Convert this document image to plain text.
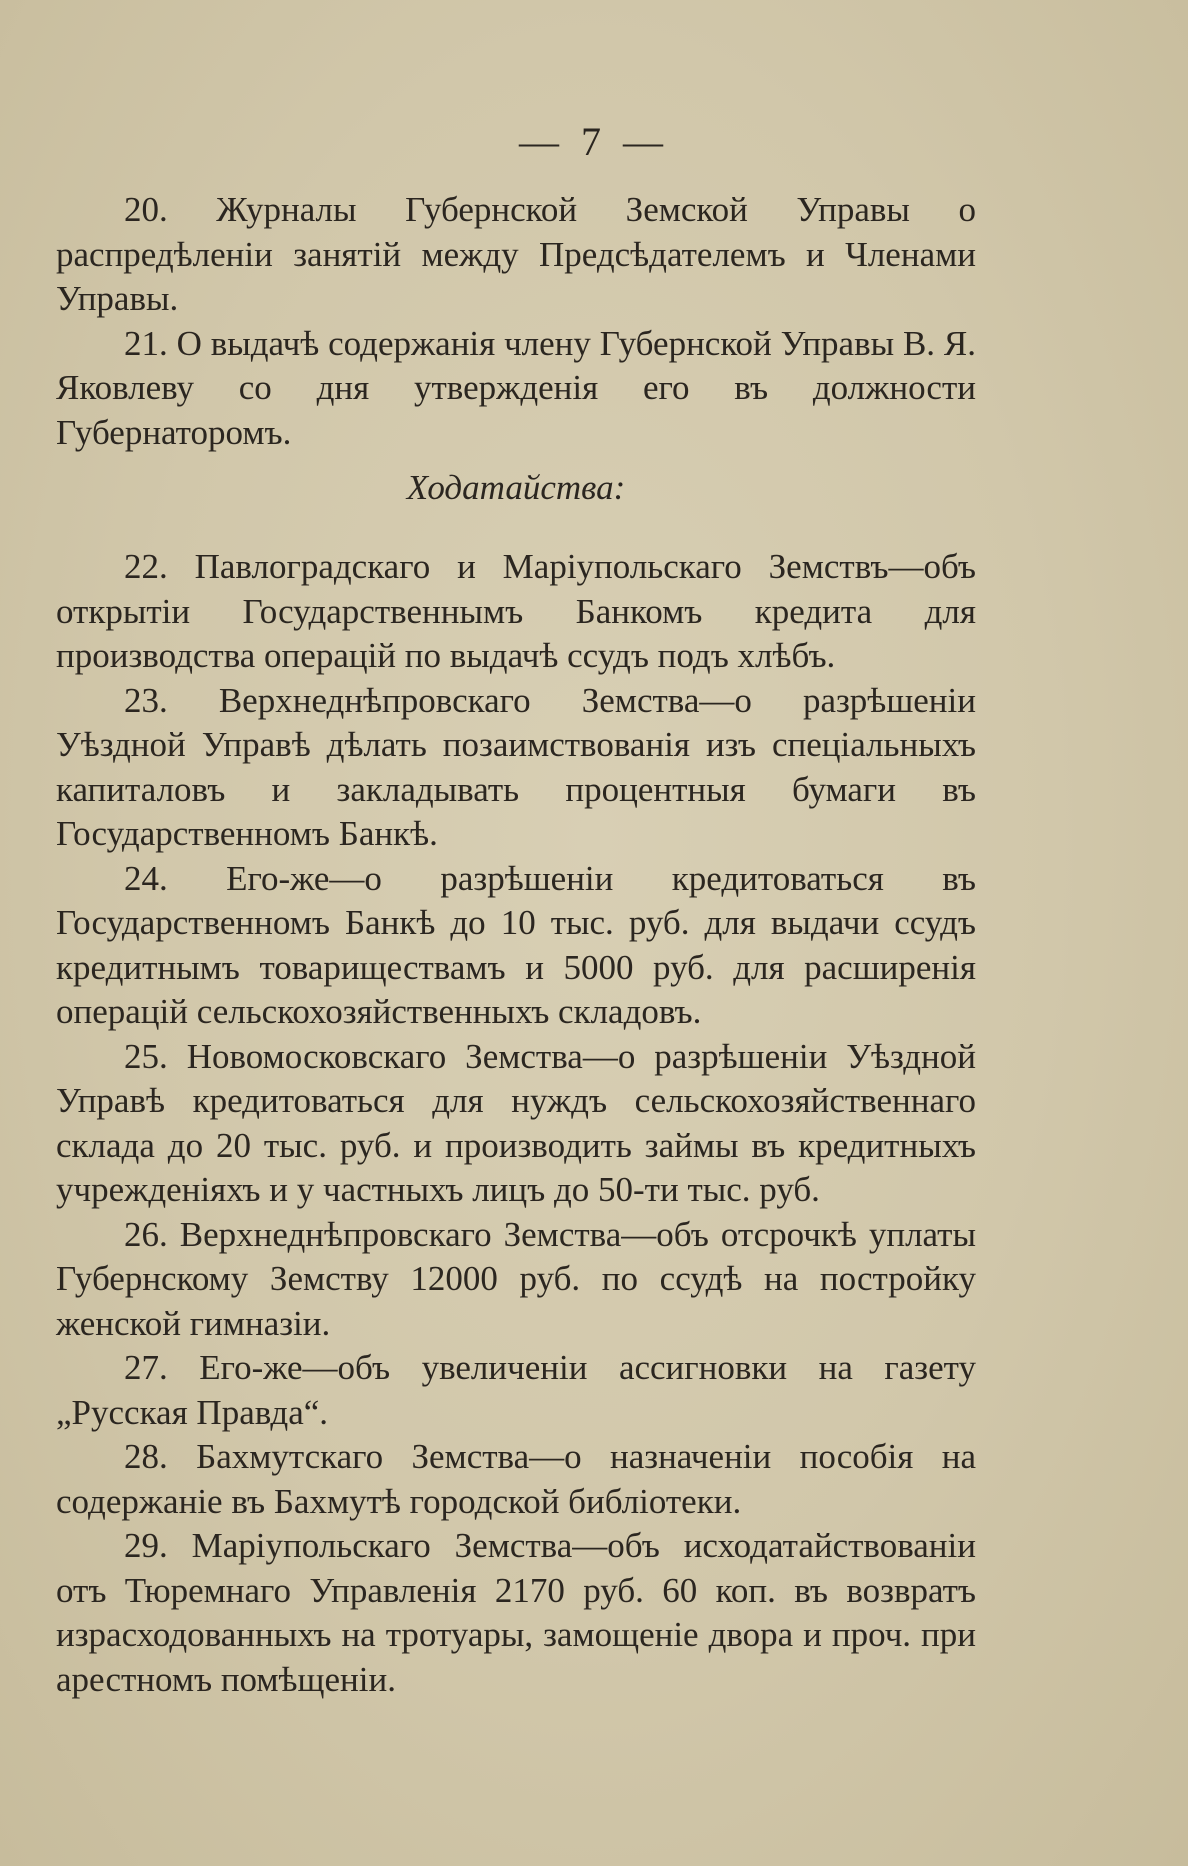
— 7 —

20. Журналы Губернской Земской Управы о распредѣленіи занятій между Предсѣдателемъ и Членами Управы.

21. О выдачѣ содержанія члену Губернской Управы В. Я. Яковлеву со дня утвержденія его въ должности Губернаторомъ.

Ходатайства:

22. Павлоградскаго и Маріупольскаго Земствъ—объ открытіи Государственнымъ Банкомъ кредита для производства операцій по выдачѣ ссудъ подъ хлѣбъ.

23. Верхнеднѣпровскаго Земства—о разрѣшеніи Уѣздной Управѣ дѣлать позаимствованія изъ спеціальныхъ капиталовъ и закладывать процентныя бумаги въ Государственномъ Банкѣ.

24. Его-же—о разрѣшеніи кредитоваться въ Государственномъ Банкѣ до 10 тыс. руб. для выдачи ссудъ кредитнымъ товариществамъ и 5000 руб. для расширенія операцій сельскохозяйственныхъ складовъ.

25. Новомосковскаго Земства—о разрѣшеніи Уѣздной Управѣ кредитоваться для нуждъ сельскохозяйственнаго склада до 20 тыс. руб. и производить займы въ кредитныхъ учрежденіяхъ и у частныхъ лицъ до 50-ти тыс. руб.

26. Верхнеднѣпровскаго Земства—объ отсрочкѣ уплаты Губернскому Земству 12000 руб. по ссудѣ на постройку женской гимназіи.

27. Его-же—объ увеличеніи ассигновки на газету „Русская Правда“.

28. Бахмутскаго Земства—о назначеніи пособія на содержаніе въ Бахмутѣ городской библіотеки.

29. Маріупольскаго Земства—объ исходатайствованіи отъ Тюремнаго Управленія 2170 руб. 60 коп. въ возвратъ израсходованныхъ на тротуары, замощеніе двора и проч. при арестномъ помѣщеніи.
